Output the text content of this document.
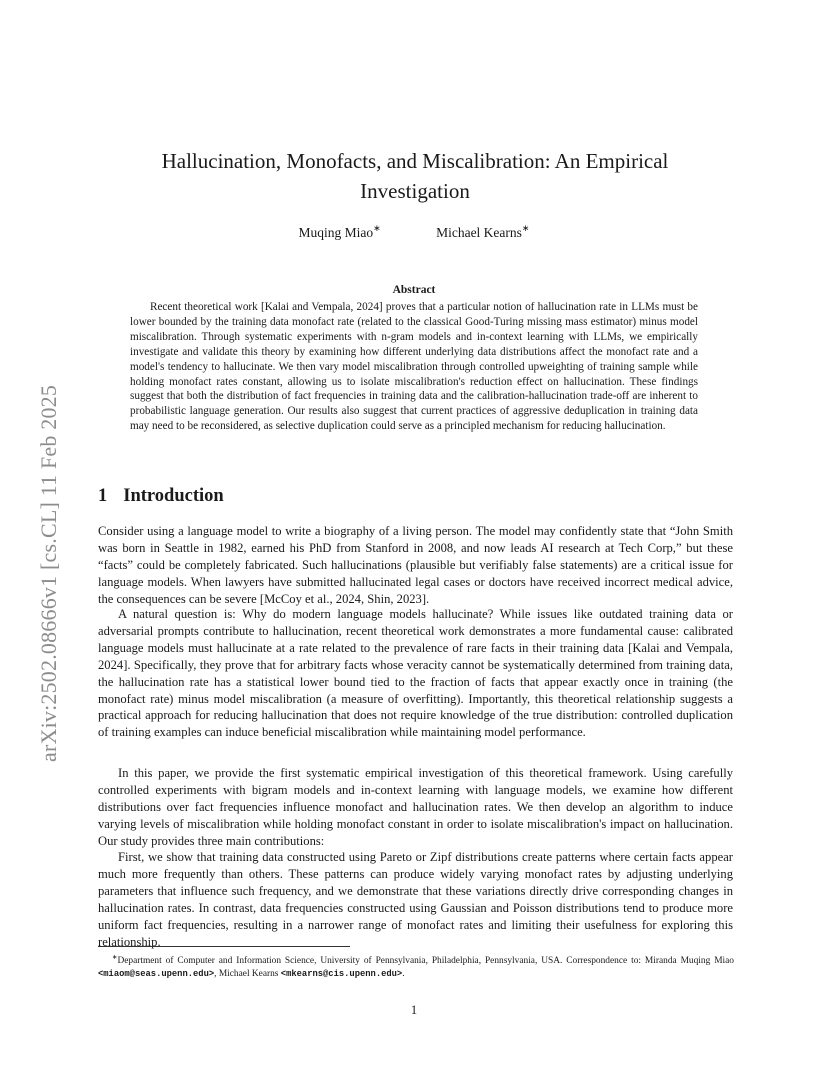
arXiv:2502.08666v1 [cs.CL] 11 Feb 2025
Hallucination, Monofacts, and Miscalibration: An Empirical Investigation
Muqing Miao∗	Michael Kearns∗
Abstract

Recent theoretical work [Kalai and Vempala, 2024] proves that a particular notion of hallucination rate in LLMs must be lower bounded by the training data monofact rate (related to the classical Good-Turing missing mass estimator) minus model miscalibration. Through systematic experiments with n-gram models and in-context learning with LLMs, we empirically investigate and validate this theory by examining how different underlying data distributions affect the monofact rate and a model's tendency to hallucinate. We then vary model miscalibration through controlled upweighting of training sample while holding monofact rates constant, allowing us to isolate miscalibration's reduction effect on hallucination. These findings suggest that both the distribution of fact frequencies in training data and the calibration-hallucination trade-off are inherent to probabilistic language generation. Our results also suggest that current practices of aggressive deduplication in training data may need to be reconsidered, as selective duplication could serve as a principled mechanism for reducing hallucination.

1 Introduction

Consider using a language model to write a biography of a living person. The model may confidently state that “John Smith was born in Seattle in 1982, earned his PhD from Stanford in 2008, and now leads AI research at Tech Corp,” but these “facts” could be completely fabricated. Such hallucinations (plausible but verifiably false statements) are a critical issue for language models. When lawyers have submitted hallucinated legal cases or doctors have received incorrect medical advice, the consequences can be severe [McCoy et al., 2024, Shin, 2023].

A natural question is: Why do modern language models hallucinate? While issues like outdated training data or adversarial prompts contribute to hallucination, recent theoretical work demonstrates a more fundamental cause: calibrated language models must hallucinate at a rate related to the prevalence of rare facts in their training data [Kalai and Vempala, 2024]. Specifically, they prove that for arbitrary facts whose veracity cannot be systematically determined from training data, the hallucination rate has a statistical lower bound tied to the fraction of facts that appear exactly once in training (the monofact rate) minus model miscalibration (a measure of overfitting). Importantly, this theoretical relationship suggests a practical approach for reducing hallucination that does not require knowledge of the true distribution: controlled duplication of training examples can induce beneficial miscalibration while maintaining model performance.

In this paper, we provide the first systematic empirical investigation of this theoretical framework. Using carefully controlled experiments with bigram models and in-context learning with language models, we examine how different distributions over fact frequencies influence monofact and hallucination rates. We then develop an algorithm to induce varying levels of miscalibration while holding monofact constant in order to isolate miscalibration's impact on hallucination. Our study provides three main contributions:

First, we show that training data constructed using Pareto or Zipf distributions create patterns where certain facts appear much more frequently than others. These patterns can produce widely varying monofact rates by adjusting underlying parameters that influence such frequency, and we demonstrate that these variations directly drive corresponding changes in hallucination rates. In contrast, data frequencies constructed using Gaussian and Poisson distributions tend to produce more uniform fact frequencies, resulting in a narrower range of monofact rates and limiting their usefulness for exploring this relationship.

∗Department of Computer and Information Science, University of Pennsylvania, Philadelphia, Pennsylvania, USA. Correspondence to: Miranda Muqing Miao <miaom@seas.upenn.edu>, Michael Kearns <mkearns@cis.upenn.edu>.

1
